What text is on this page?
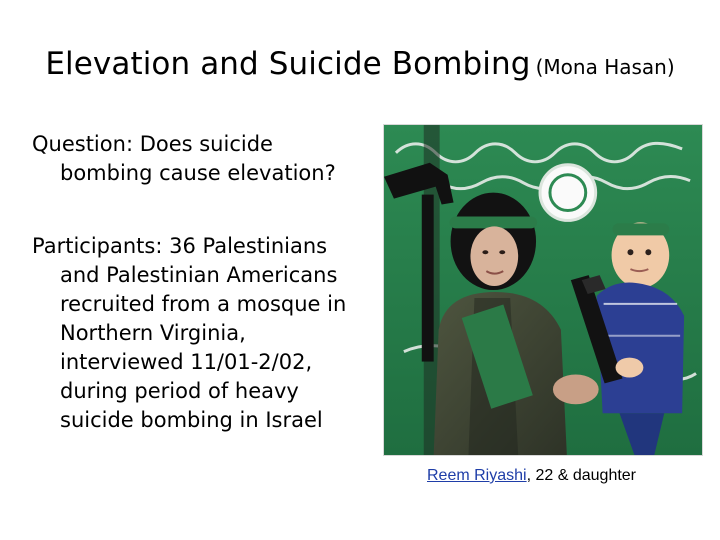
Elevation and Suicide Bombing (Mona Hasan)

Question: Does suicide bombing cause elevation?

Participants: 36 Palestinians and Palestinian Americans recruited from a mosque in Northern Virginia, interviewed 11/01-2/02, during period of heavy suicide bombing in Israel

Reem Riyashi, 22 & daughter
